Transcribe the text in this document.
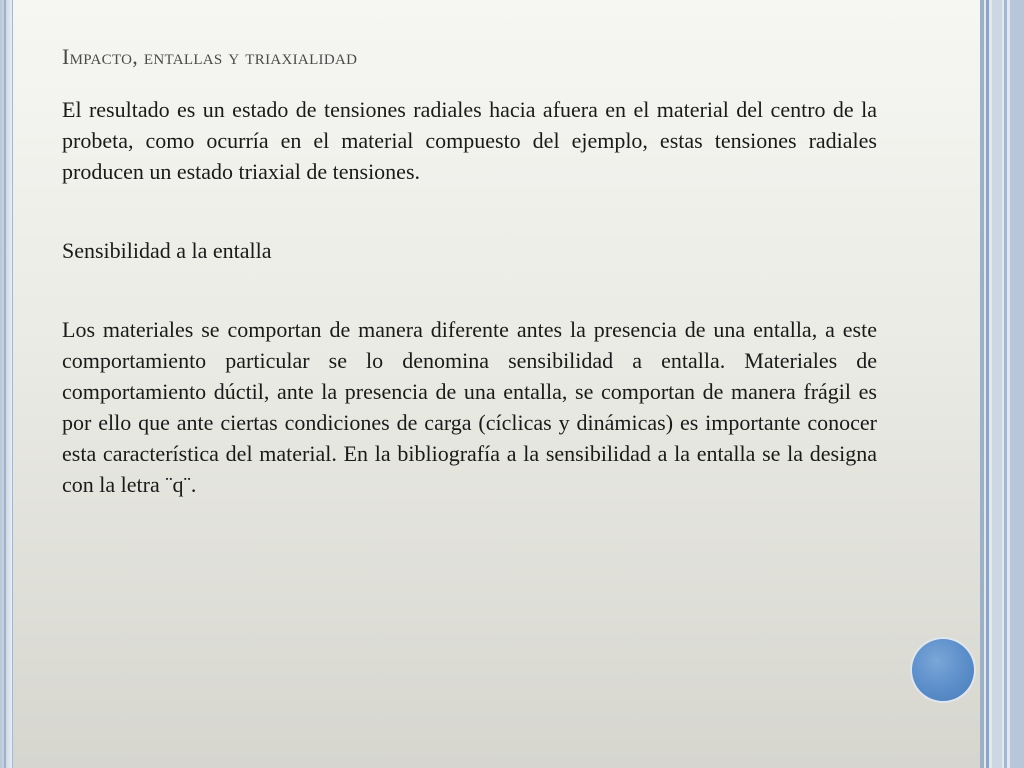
Impacto, entallas y triaxialidad

El resultado es un estado de tensiones radiales hacia afuera en el material del centro de la probeta, como ocurría en el material compuesto del ejemplo, estas tensiones radiales producen un estado triaxial de tensiones.

Sensibilidad a la entalla

Los materiales se comportan de manera diferente antes la presencia de una entalla, a este comportamiento particular se lo denomina sensibilidad a entalla. Materiales de comportamiento dúctil, ante la presencia de una entalla, se comportan de manera frágil es por ello que ante ciertas condiciones de carga (cíclicas y dinámicas) es importante conocer esta característica del material. En la bibliografía a la sensibilidad a la entalla se la designa con la letra ¨q¨.
